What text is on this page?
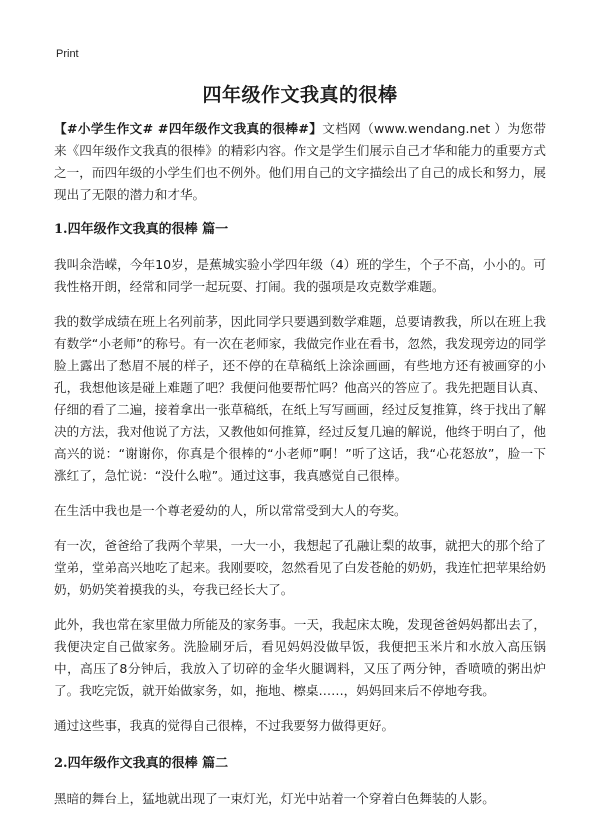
Print
四年级作文我真的很棒

【#小学生作文# #四年级作文我真的很棒#】文档网（www.wendang.net ）为您带来《四年级作文我真的很棒》的精彩内容。作文是学生们展示自己才华和能力的重要方式之一，而四年级的小学生们也不例外。他们用自己的文字描绘出了自己的成长和努力，展现出了无限的潜力和才华。

1.四年级作文我真的很棒 篇一

我叫余浩嵘，今年10岁，是蕉城实验小学四年级（4）班的学生，个子不高，小小的。可我性格开朗，经常和同学一起玩耍、打闹。我的强项是攻克数学难题。

我的数学成绩在班上名列前茅，因此同学只要遇到数学难题，总要请教我，所以在班上我有数学“小老师”的称号。有一次在老师家，我做完作业在看书，忽然，我发现旁边的同学脸上露出了愁眉不展的样子，还不停的在草稿纸上涂涂画画，有些地方还有被画穿的小孔，我想他该是碰上难题了吧？我便问他要帮忙吗？他高兴的答应了。我先把题目认真、仔细的看了二遍，接着拿出一张草稿纸，在纸上写写画画，经过反复推算，终于找出了解决的方法，我对他说了方法，又教他如何推算，经过反复几遍的解说，他终于明白了，他高兴的说：“谢谢你，你真是个很棒的“小老师”啊！”听了这话，我“心花怒放”，脸一下涨红了，急忙说：“没什么啦”。通过这事，我真感觉自己很棒。

在生活中我也是一个尊老爱幼的人，所以常常受到大人的夸奖。

有一次，爸爸给了我两个苹果，一大一小，我想起了孔融让梨的故事，就把大的那个给了堂弟，堂弟高兴地吃了起来。我刚要咬，忽然看见了白发苍舱的奶奶，我连忙把苹果给奶奶，奶奶笑着摸我的头，夸我已经长大了。

此外，我也常在家里做力所能及的家务事。一天，我起床太晚，发现爸爸妈妈都出去了，我便决定自己做家务。洗脸刷牙后，看见妈妈没做早饭，我便把玉米片和水放入高压锅中，高压了8分钟后，我放入了切碎的金华火腿调料，又压了两分钟，香喷喷的粥出炉了。我吃完饭，就开始做家务，如，拖地、檫桌……，妈妈回来后不停地夸我。

通过这些事，我真的觉得自己很棒，不过我要努力做得更好。

2.四年级作文我真的很棒 篇二

黑暗的舞台上，猛地就出现了一束灯光，灯光中站着一个穿着白色舞装的人影。
